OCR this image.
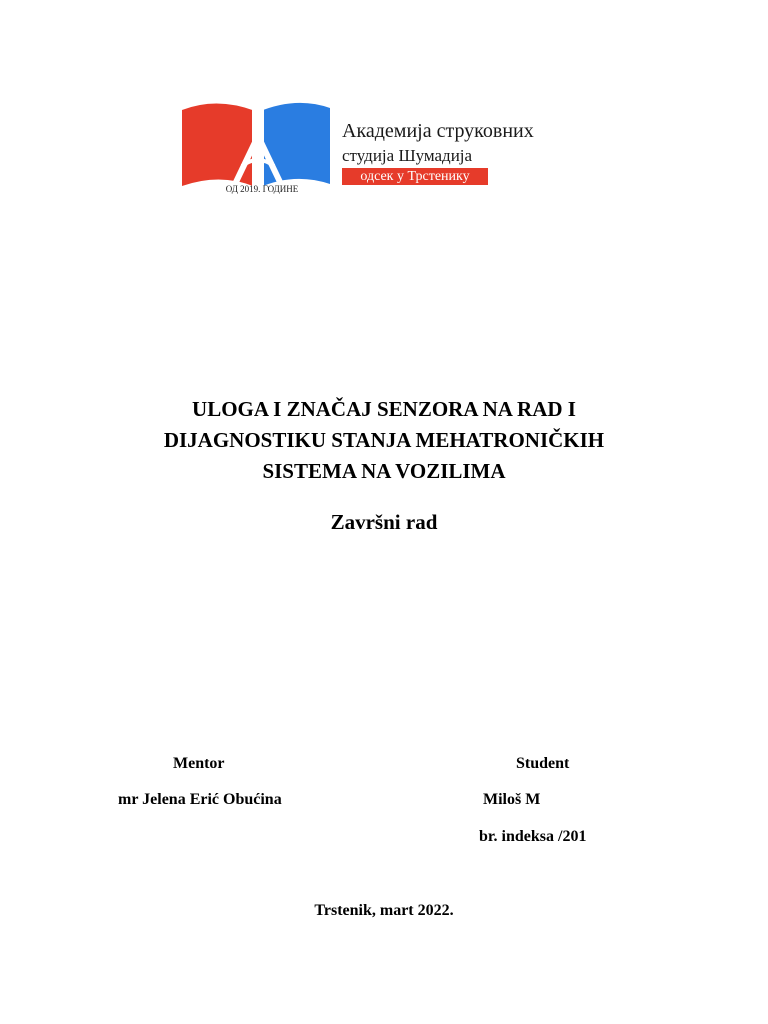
ОД 2019. ГОДИНЕ
Академија струковних
студија Шумадија
одсек у Трстенику
ULOGA I ZNAČAJ SENZORA NA RAD I
DIJAGNOSTIKU STANJA MEHATRONIČKIH
SISTEMA NA VOZILIMA
Završni rad
Mentor
mr Jelena Erić Obućina
Student
Miloš M
br. indeksa /201
Trstenik, mart 2022.
